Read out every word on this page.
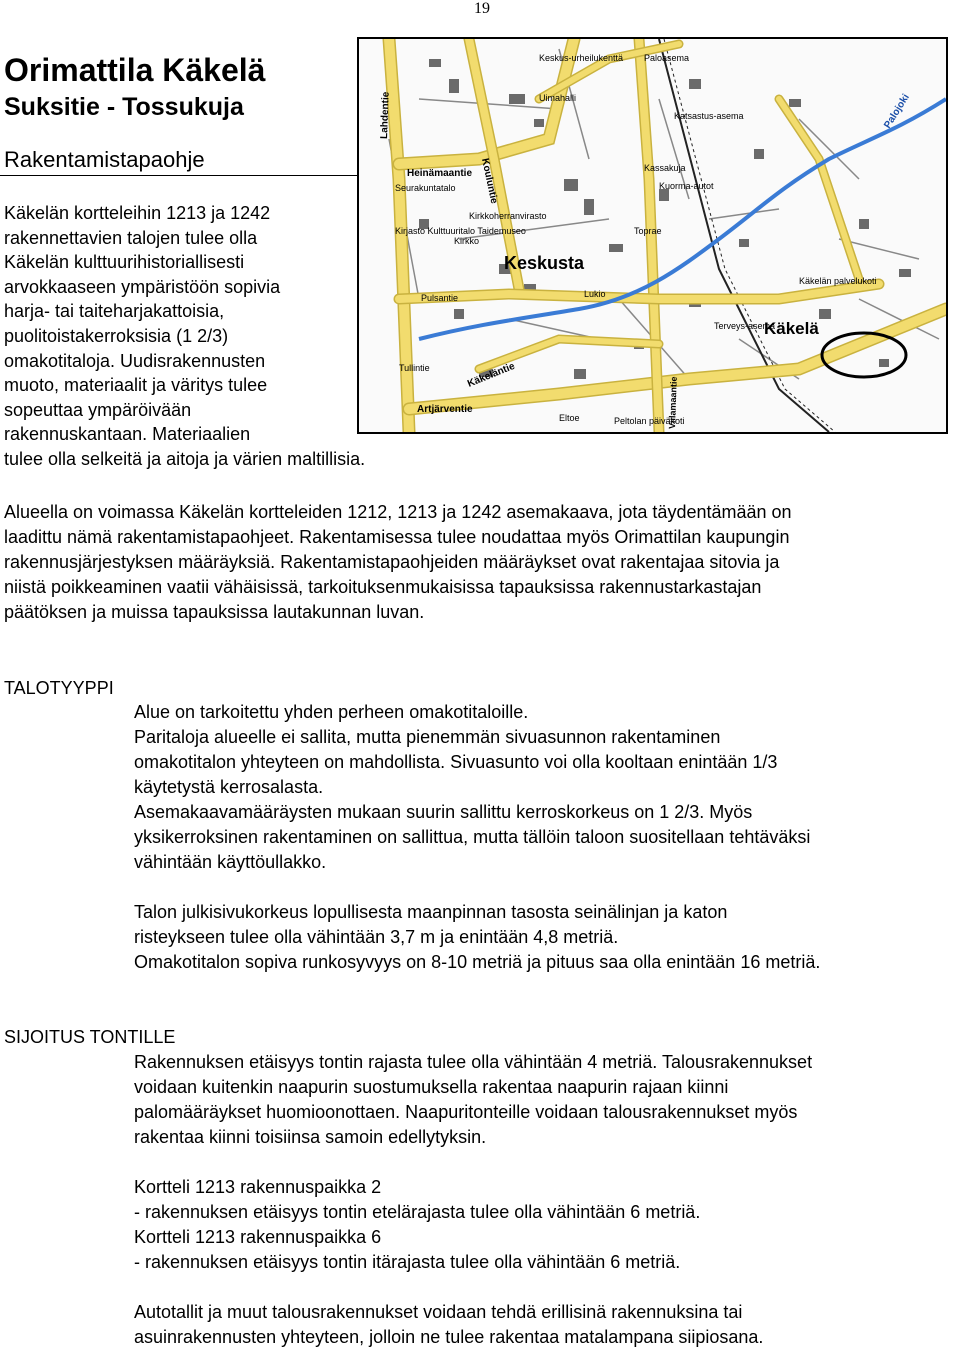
19
Orimattila Käkelä
Suksitie - Tossukuja
Rakentamistapaohje
Käkelän kortteleihin 1213 ja 1242
rakennettavien talojen tulee olla
Käkelän kulttuurihistoriallisesti
arvokkaaseen ympäristöön sopivia
harja- tai taiteharjakattoisia,
puolitoistakerroksisia (1 2/3)
omakotitaloja. Uudisrakennusten
muoto, materiaalit ja väritys tulee
sopeuttaa ympäröivään
rakennuskantaan. Materiaalien
tulee olla selkeitä ja aitoja ja värien maltillisia.
Keskusta
Käkelä
Heinämaantie
Artjärventie
Lahdentie
Kouluntie
Käkeläntie
Palojoki
Pulsantie
Kirkko
Toprae
Kirjasto Kulttuuritalo Taidemuseo
Seurakuntatalo
Kirkkoherranvirasto
Käkelän palvelukoti
Tullintie
Peltolan päiväkoti
Keskus-urheilukenttä Paloasema
Uimahalli
Katsastus-asema
Kassakuja
Kuorma-autot
Eltoe	Viilamaantie
Terveys-asema
Lukio
Alueella on voimassa Käkelän kortteleiden 1212, 1213 ja 1242 asemakaava, jota täydentämään on
laadittu nämä rakentamistapaohjeet. Rakentamisessa tulee noudattaa myös Orimattilan kaupungin
rakennusjärjestyksen määräyksiä. Rakentamistapaohjeiden määräykset ovat rakentajaa sitovia ja
niistä poikkeaminen vaatii vähäisissä, tarkoituksenmukaisissa tapauksissa rakennustarkastajan
päätöksen ja muissa tapauksissa lautakunnan luvan.
TALOTYYPPI
Alue on tarkoitettu yhden perheen omakotitaloille.
Paritaloja alueelle ei sallita, mutta pienemmän sivuasunnon rakentaminen
omakotitalon yhteyteen on mahdollista. Sivuasunto voi olla kooltaan enintään 1/3
käytetystä kerrosalasta.
Asemakaavamääräysten mukaan suurin sallittu kerroskorkeus on 1 2/3. Myös
yksikerroksinen rakentaminen on sallittua, mutta tällöin taloon suositellaan tehtäväksi
vähintään käyttöullakko.
Talon julkisivukorkeus lopullisesta maanpinnan tasosta seinälinjan ja katon
risteykseen tulee olla vähintään 3,7 m ja enintään 4,8 metriä.
Omakotitalon sopiva runkosyvyys on 8-10 metriä ja pituus saa olla enintään 16 metriä.
SIJOITUS TONTILLE
Rakennuksen etäisyys tontin rajasta tulee olla vähintään 4 metriä. Talousrakennukset
voidaan kuitenkin naapurin suostumuksella rakentaa naapurin rajaan kiinni
palomääräykset huomioonottaen. Naapuritonteille voidaan talousrakennukset myös
rakentaa kiinni toisiinsa samoin edellytyksin.
Kortteli 1213 rakennuspaikka 2
- rakennuksen etäisyys tontin etelärajasta tulee olla vähintään 6 metriä.
Kortteli 1213 rakennuspaikka 6
- rakennuksen etäisyys tontin itärajasta tulee olla vähintään 6 metriä.
Autotallit ja muut talousrakennukset voidaan tehdä erillisinä rakennuksina tai
asuinrakennusten yhteyteen, jolloin ne tulee rakentaa matalampana siipiosana.
